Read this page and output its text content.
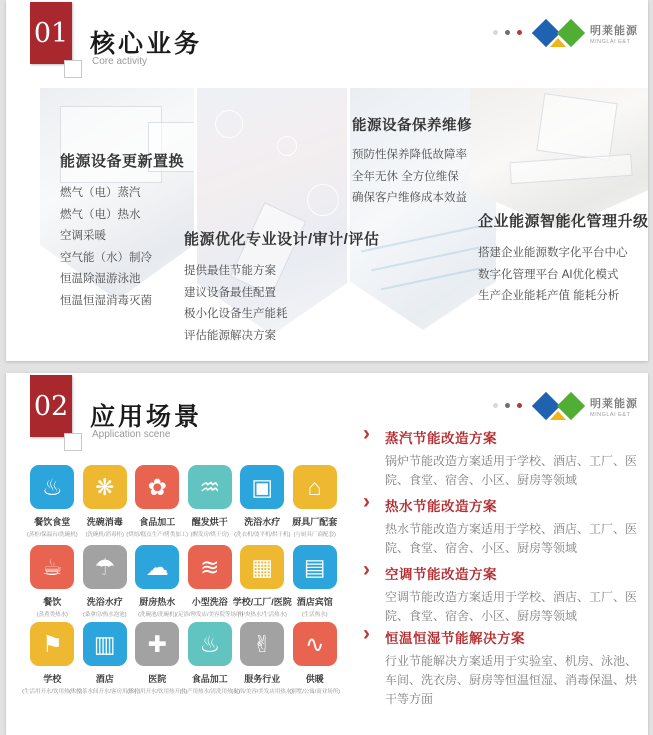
01 核心业务
Core activity
明莱能源
MINGLAI E&T
能源设备更新置换
燃气（电）蒸汽
燃气（电）热水
空调采暖
空气能（水）制冷
恒温除湿游泳池
恒温恒湿消毒灭菌
能源优化专业设计/审计/评估
提供最佳节能方案
建议设备最佳配置
极小化设备生产能耗
评估能源解决方案
能源设备保养维修
预防性保养降低故障率
全年无休 全方位维保
确保客户维修成本效益
企业能源智能化管理升级
搭建企业能源数字化平台中心
数字化管理平台 AI优化模式
生产企业能耗产值 能耗分析
02 应用场景
Application scene
明莱能源
MINGLAI E&T
♨
餐饮食堂
(蒸柜/保温台/洗碗机)
❋
洗碗消毒
(洗碗机/消毒柜)
✿
食品加工
(烘焙/糕点生产/烤类加工)
♒
醒发烘干
(醒发房/烘干房)
▣
洗浴水疗
(洗衣机/烫平机/烘干机)
⌂
厨具厂配套
(与厨具厂商配套)
☕
餐饮
(蒸煮类热水)
☂
洗浴水疗
(桑拿房/热水泡池)
☁
厨房热水
(洗碗池/洗碗机)
≋
小型洗浴
(足浴/理发店/美容院等场所)
▦
学校/工厂/医院
(中央热水/生活热水)
▤
酒店宾馆
(生活热水)
⚑
学校
(生活用开水/饮用热开水)
▥
酒店
(大堂茶水间开水/客房用开水)
✚
医院
(诊疗用开水/饮用热开水)
♨
食品加工
(生产用热水/清洗用热水)
✌
服务行业
(足浴/美容/美发店用热水)
∿
供暖
(别墅/公寓/商业场所)
› 蒸汽节能改造方案
锅炉节能改造方案适用于学校、酒店、工厂、医院、食堂、宿舍、小区、厨房等领域
› 热水节能改造方案
热水节能改造方案适用于学校、酒店、工厂、医院、食堂、宿舍、小区、厨房等领域
› 空调节能改造方案
空调节能改造方案适用于学校、酒店、工厂、医院、食堂、宿舍、小区、厨房等领域
› 恒温恒湿节能解决方案
行业节能解决方案适用于实验室、机房、泳池、车间、洗衣房、厨房等恒温恒湿、消毒保温、烘干等方面
